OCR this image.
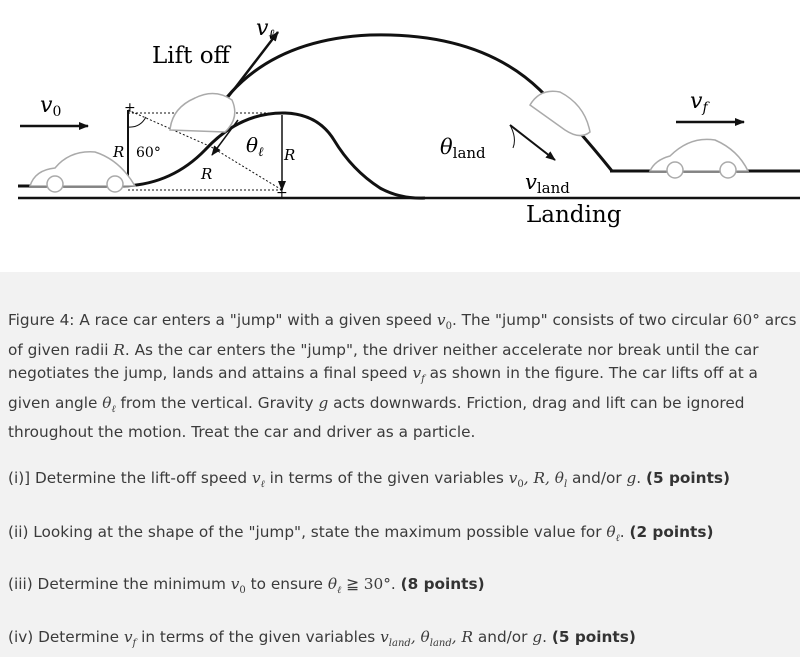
+
+
Lift off
Landing
v0
vℓ
vf
$\theta_\ell$	θland
vland
R
R
R
60°

Figure 4: A race car enters a "jump" with a given speed $v_0$. The "jump" consists of two circular 60° arcs of given radii R. As the car enters the "jump", the driver neither accelerate nor break until the car negotiates the jump, lands and attains a final speed $v_f$ as shown in the figure. The car lifts off at a given angle $\theta_\ell$ from the vertical. Gravity g acts downwards. Friction, drag and lift can be ignored throughout the motion. Treat the car and driver as a particle.

(i)] Determine the lift-off speed $v_\ell$ in terms of the given variables $v_0$, R, $\theta_l$ and/or g. (5 points)

(ii) Looking at the shape of the "jump", state the maximum possible value for $\theta_\ell$. (2 points)

(iii) Determine the minimum $v_0$ to ensure $\theta_\ell$ ≧ 30°. (8 points)

(iv) Determine $v_f$ in terms of the given variables $v_{land}$, $\theta_{land}$, R and/or g. (5 points)
